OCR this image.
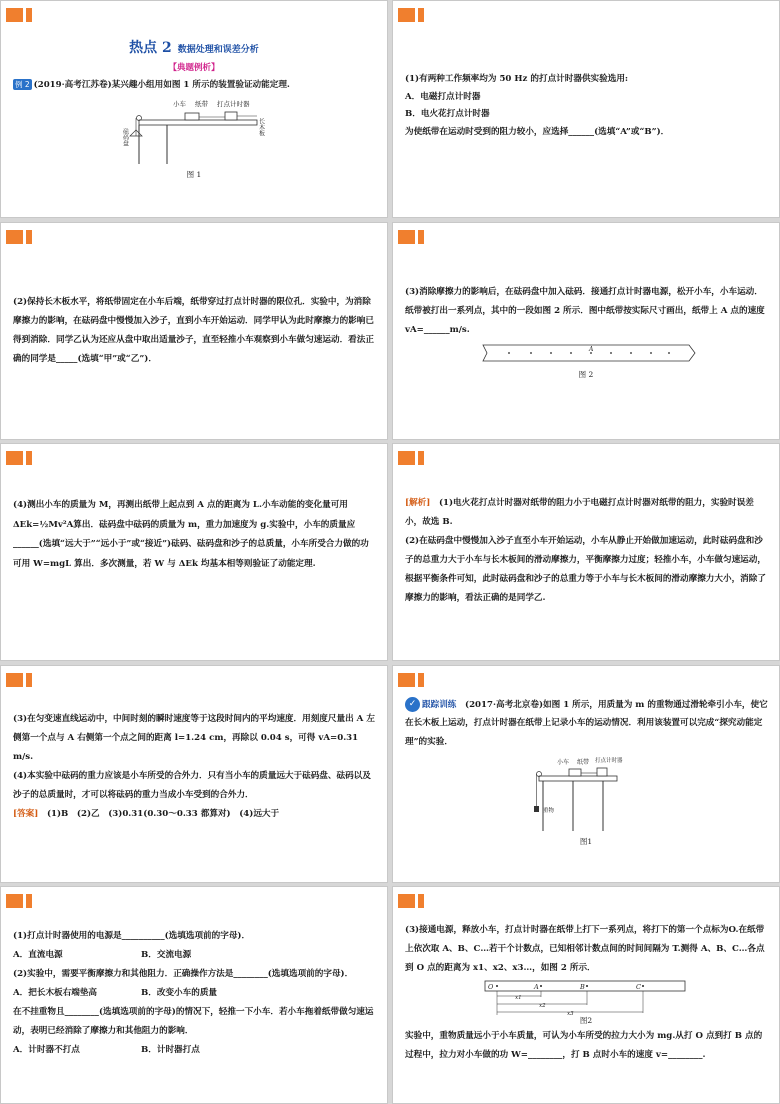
热点 2 数据处理和误差分析
【典题例析】
例 2 (2019·高考江苏卷)某兴趣小组用如图 1 所示的装置验证动能定理.
小车 纸带 打点计时器
长木板
砝码盘
图 1

(1)有两种工作频率均为 50 Hz 的打点计时器供实验选用:

A．电磁打点计时器

B．电火花打点计时器

为使纸带在运动时受到的阻力较小，应选择______(选填“A”或“B”)．

(2)保持长木板水平，将纸带固定在小车后端，纸带穿过打点计时器的限位孔．实验中，为消除摩擦力的影响，在砝码盘中慢慢加入沙子，直到小车开始运动．同学甲认为此时摩擦力的影响已得到消除．同学乙认为还应从盘中取出适量沙子，直至轻推小车观察到小车做匀速运动．看法正确的同学是_____(选填“甲”或“乙”)．

(3)消除摩擦力的影响后，在砝码盘中加入砝码．接通打点计时器电源，松开小车，小车运动．纸带被打出一系列点，其中的一段如图 2 所示．图中纸带按实际尺寸画出，纸带上 A 点的速度 vA=______m/s.

A
图 2

(4)测出小车的质量为 M，再测出纸带上起点到 A 点的距离为 L.小车动能的变化量可用 ΔEk=½Mv²A算出．砝码盘中砝码的质量为 m，重力加速度为 g.实验中，小车的质量应______(选填“远大于”“远小于”或“接近”)砝码、砝码盘和沙子的总质量，小车所受合力做的功可用 W=mgL 算出．多次测量，若 W 与 ΔEk 均基本相等则验证了动能定理.

[解析]　 (1)电火花打点计时器对纸带的阻力小于电磁打点计时器对纸带的阻力，实验时误差小，故选 B.

(2)在砝码盘中慢慢加入沙子直至小车开始运动，小车从静止开始做加速运动，此时砝码盘和沙子的总重力大于小车与长木板间的滑动摩擦力，平衡摩擦力过度；轻推小车，小车做匀速运动，根据平衡条件可知，此时砝码盘和沙子的总重力等于小车与长木板间的滑动摩擦力大小，消除了摩擦力的影响，看法正确的是同学乙.

(3)在匀变速直线运动中，中间时刻的瞬时速度等于这段时间内的平均速度．用刻度尺量出 A 左侧第一个点与 A 右侧第一个点之间的距离 l=1.24 cm，再除以 0.04 s，可得 vA=0.31 m/s.

(4)本实验中砝码的重力应该是小车所受的合外力．只有当小车的质量远大于砝码盘、砝码以及沙子的总质量时，才可以将砝码的重力当成小车受到的合外力．

[答案]　 (1)B　(2)乙　(3)0.31(0.30～0.33 都算对)　(4)远大于

✓ 跟踪训练　 (2017·高考北京卷)如图 1 所示，用质量为 m 的重物通过滑轮牵引小车，使它在长木板上运动，打点计时器在纸带上记录小车的运动情况．利用该装置可以完成“探究动能定理”的实验．

小车 纸带 打点计时器
重物
图1

(1)打点计时器使用的电源是__________(选填选项前的字母)．

A．直流电源	B．交流电源

(2)实验中，需要平衡摩擦力和其他阻力．正确操作方法是________(选填选项前的字母)．

A．把长木板右端垫高	B．改变小车的质量

在不挂重物且________(选填选项前的字母)的情况下，轻推一下小车．若小车拖着纸带做匀速运动，表明已经消除了摩擦力和其他阻力的影响．

A．计时器不打点	B．计时器打点

(3)接通电源，释放小车，打点计时器在纸带上打下一系列点，将打下的第一个点标为O.在纸带上依次取 A、B、C…若干个计数点，已知相邻计数点间的时间间隔为 T.测得 A、B、C…各点到 O 点的距离为 x1、x2、x3…，如图 2 所示．

O	A	B	C
x1
x2
x3
图2

实验中，重物质量远小于小车质量，可认为小车所受的拉力大小为 mg.从打 O 点到打 B 点的过程中，拉力对小车做的功 W=________，打 B 点时小车的速度 v=________.
